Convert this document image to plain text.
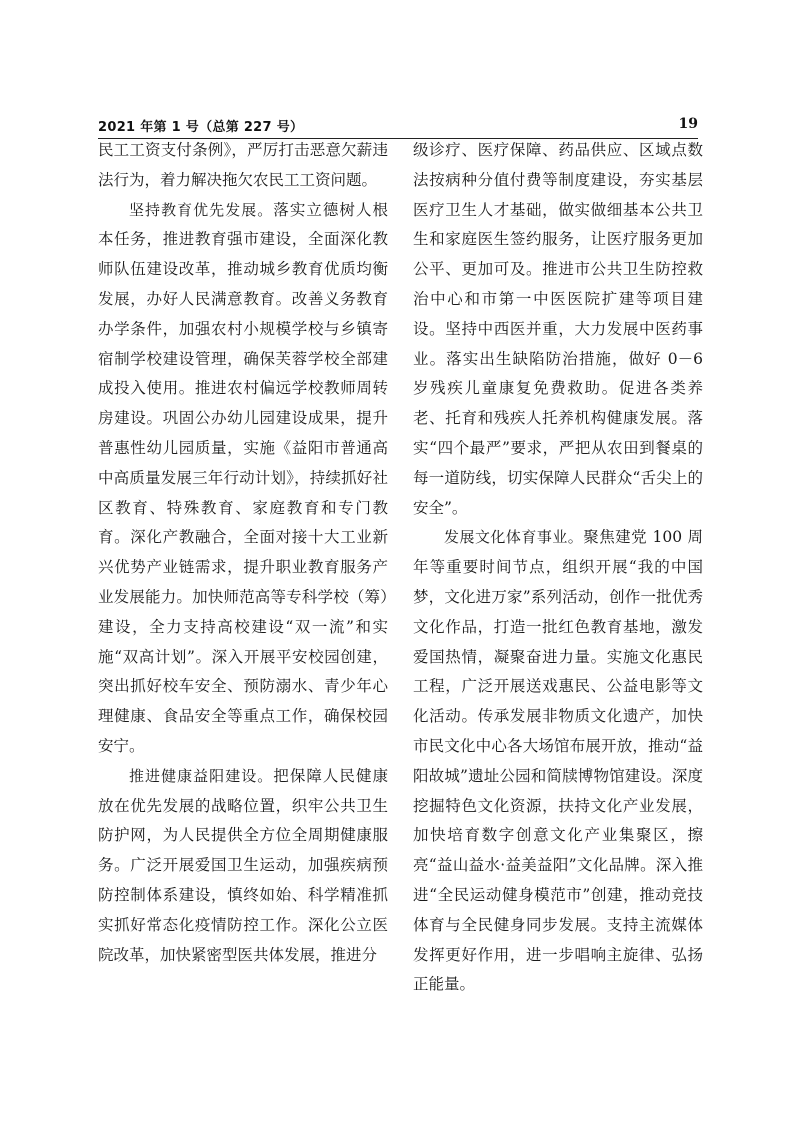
2021 年第 1 号（总第 227 号）	19

民工工资支付条例》，严厉打击恶意欠薪违法行为，着力解决拖欠农民工工资问题。

坚持教育优先发展。落实立德树人根本任务，推进教育强市建设，全面深化教师队伍建设改革，推动城乡教育优质均衡发展，办好人民满意教育。改善义务教育办学条件，加强农村小规模学校与乡镇寄宿制学校建设管理，确保芙蓉学校全部建成投入使用。推进农村偏远学校教师周转房建设。巩固公办幼儿园建设成果，提升普惠性幼儿园质量，实施《益阳市普通高中高质量发展三年行动计划》，持续抓好社区教育、特殊教育、家庭教育和专门教育。深化产教融合，全面对接十大工业新兴优势产业链需求，提升职业教育服务产业发展能力。加快师范高等专科学校（筹）建设，全力支持高校建设“双一流”和实施“双高计划”。深入开展平安校园创建，突出抓好校车安全、预防溺水、青少年心理健康、食品安全等重点工作，确保校园安宁。

推进健康益阳建设。把保障人民健康放在优先发展的战略位置，织牢公共卫生防护网，为人民提供全方位全周期健康服务。广泛开展爱国卫生运动，加强疾病预防控制体系建设，慎终如始、科学精准抓实抓好常态化疫情防控工作。深化公立医院改革，加快紧密型医共体发展，推进分

级诊疗、医疗保障、药品供应、区域点数法按病种分值付费等制度建设，夯实基层医疗卫生人才基础，做实做细基本公共卫生和家庭医生签约服务，让医疗服务更加公平、更加可及。推进市公共卫生防控救治中心和市第一中医医院扩建等项目建设。坚持中西医并重，大力发展中医药事业。落实出生缺陷防治措施，做好 0－6 岁残疾儿童康复免费救助。促进各类养老、托育和残疾人托养机构健康发展。落实“四个最严”要求，严把从农田到餐桌的每一道防线，切实保障人民群众“舌尖上的安全”。

发展文化体育事业。聚焦建党 100 周年等重要时间节点，组织开展“我的中国梦，文化进万家”系列活动，创作一批优秀文化作品，打造一批红色教育基地，激发爱国热情，凝聚奋进力量。实施文化惠民工程，广泛开展送戏惠民、公益电影等文化活动。传承发展非物质文化遗产，加快市民文化中心各大场馆布展开放，推动“益阳故城”遗址公园和简牍博物馆建设。深度挖掘特色文化资源，扶持文化产业发展，加快培育数字创意文化产业集聚区，擦亮“益山益水·益美益阳”文化品牌。深入推进“全民运动健身模范市”创建，推动竞技体育与全民健身同步发展。支持主流媒体发挥更好作用，进一步唱响主旋律、弘扬正能量。
